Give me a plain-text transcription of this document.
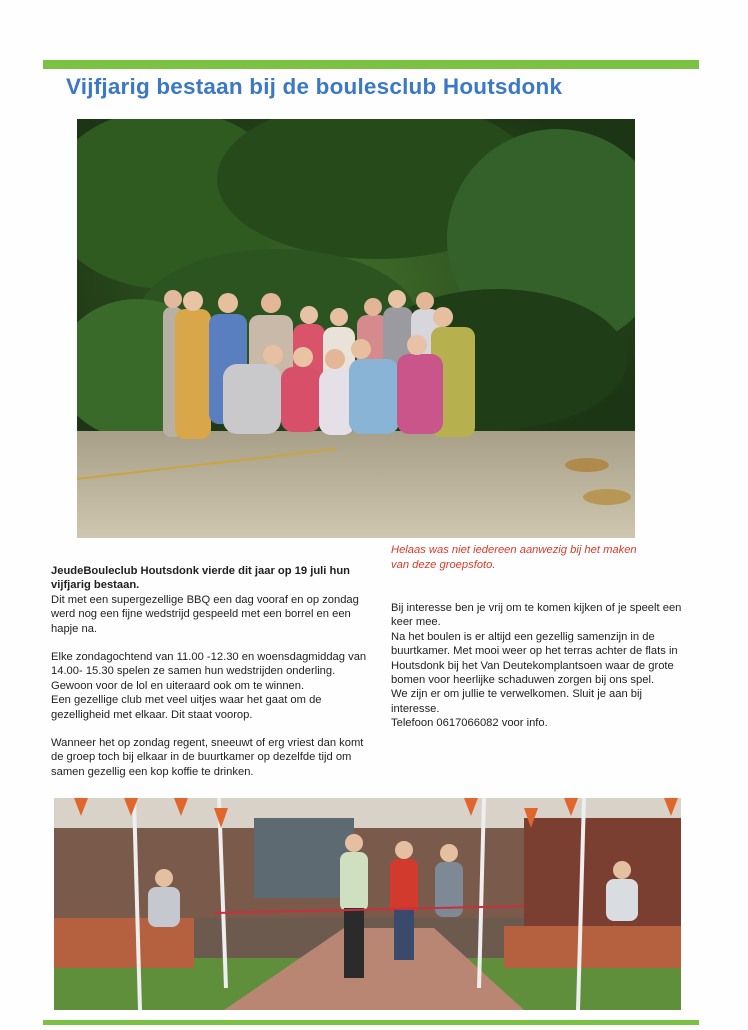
Vijfjarig bestaan bij de boulesclub Houtsdonk
Helaas was niet iedereen aanwezig bij het maken van deze groepsfoto.

JeudeBouleclub Houtsdonk vierde dit jaar op 19 juli hun vijfjarig bestaan.

Dit met een supergezellige BBQ een dag vooraf en op zondag werd nog een fijne wedstrijd gespeeld met een borrel en een hapje na.

Elke zondagochtend van 11.00 -12.30 en woensdagmiddag van 14.00- 15.30 spelen ze samen hun wedstrijden onderling. Gewoon voor de lol en uiteraard ook om te winnen.

Een gezellige club met veel uitjes waar het gaat om de gezelligheid met elkaar. Dit staat voorop.

Wanneer het op zondag regent, sneeuwt of erg vriest dan komt de groep toch bij elkaar in de buurtkamer op dezelfde tijd om samen gezellig een kop koffie te drinken.

Bij interesse ben je vrij om te komen kijken of je speelt een keer mee.

Na het boulen is er altijd een gezellig samenzijn in de buurtkamer. Met mooi weer op het terras achter de flats in Houtsdonk bij het Van Deutekomplantsoen waar de grote bomen voor heerlijke schaduwen zorgen bij ons spel.

We zijn er om jullie te verwelkomen. Sluit je aan bij interesse.

Telefoon 0617066082 voor info.
